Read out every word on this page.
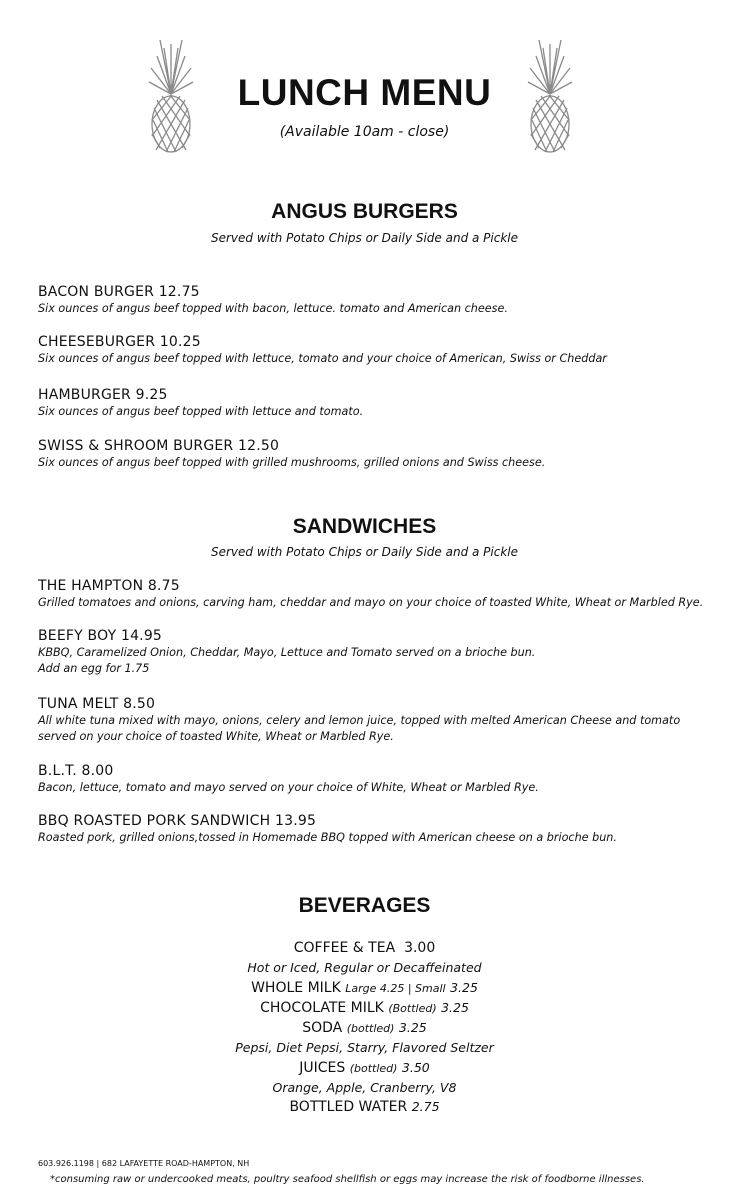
LUNCH MENU
(Available 10am - close)
ANGUS BURGERS
Served with Potato Chips or Daily Side and a Pickle
BACON BURGER 12.75
Six ounces of angus beef topped with bacon, lettuce. tomato and American cheese.
CHEESEBURGER 10.25
Six ounces of angus beef topped with lettuce, tomato and your choice of American, Swiss or Cheddar
HAMBURGER 9.25
Six ounces of angus beef topped with lettuce and tomato.
SWISS & SHROOM BURGER 12.50
Six ounces of angus beef topped with grilled mushrooms, grilled onions and Swiss cheese.
SANDWICHES
Served with Potato Chips or Daily Side and a Pickle
THE HAMPTON 8.75
Grilled tomatoes and onions, carving ham, cheddar and mayo on your choice of toasted White, Wheat or Marbled Rye.
BEEFY BOY 14.95
KBBQ, Caramelized Onion, Cheddar, Mayo, Lettuce and Tomato served on a brioche bun.
Add an egg for 1.75
TUNA MELT 8.50
All white tuna mixed with mayo, onions, celery and lemon juice, topped with melted American Cheese and tomato
served on your choice of toasted White, Wheat or Marbled Rye.
B.L.T. 8.00
Bacon, lettuce, tomato and mayo served on your choice of White, Wheat or Marbled Rye.
BBQ ROASTED PORK SANDWICH 13.95
Roasted pork, grilled onions,tossed in Homemade BBQ topped with American cheese on a brioche bun.
BEVERAGES
COFFEE & TEA 3.00
Hot or Iced, Regular or Decaffeinated
WHOLE MILK Large 4.25 | Small 3.25
CHOCOLATE MILK (Bottled) 3.25
SODA (bottled) 3.25
Pepsi, Diet Pepsi, Starry, Flavored Seltzer
JUICES (bottled) 3.50
Orange, Apple, Cranberry, V8
BOTTLED WATER 2.75
603.926.1198 | 682 LAFAYETTE ROAD-HAMPTON, NH
*consuming raw or undercooked meats, poultry seafood shellfish or eggs may increase the risk of foodborne illnesses.
